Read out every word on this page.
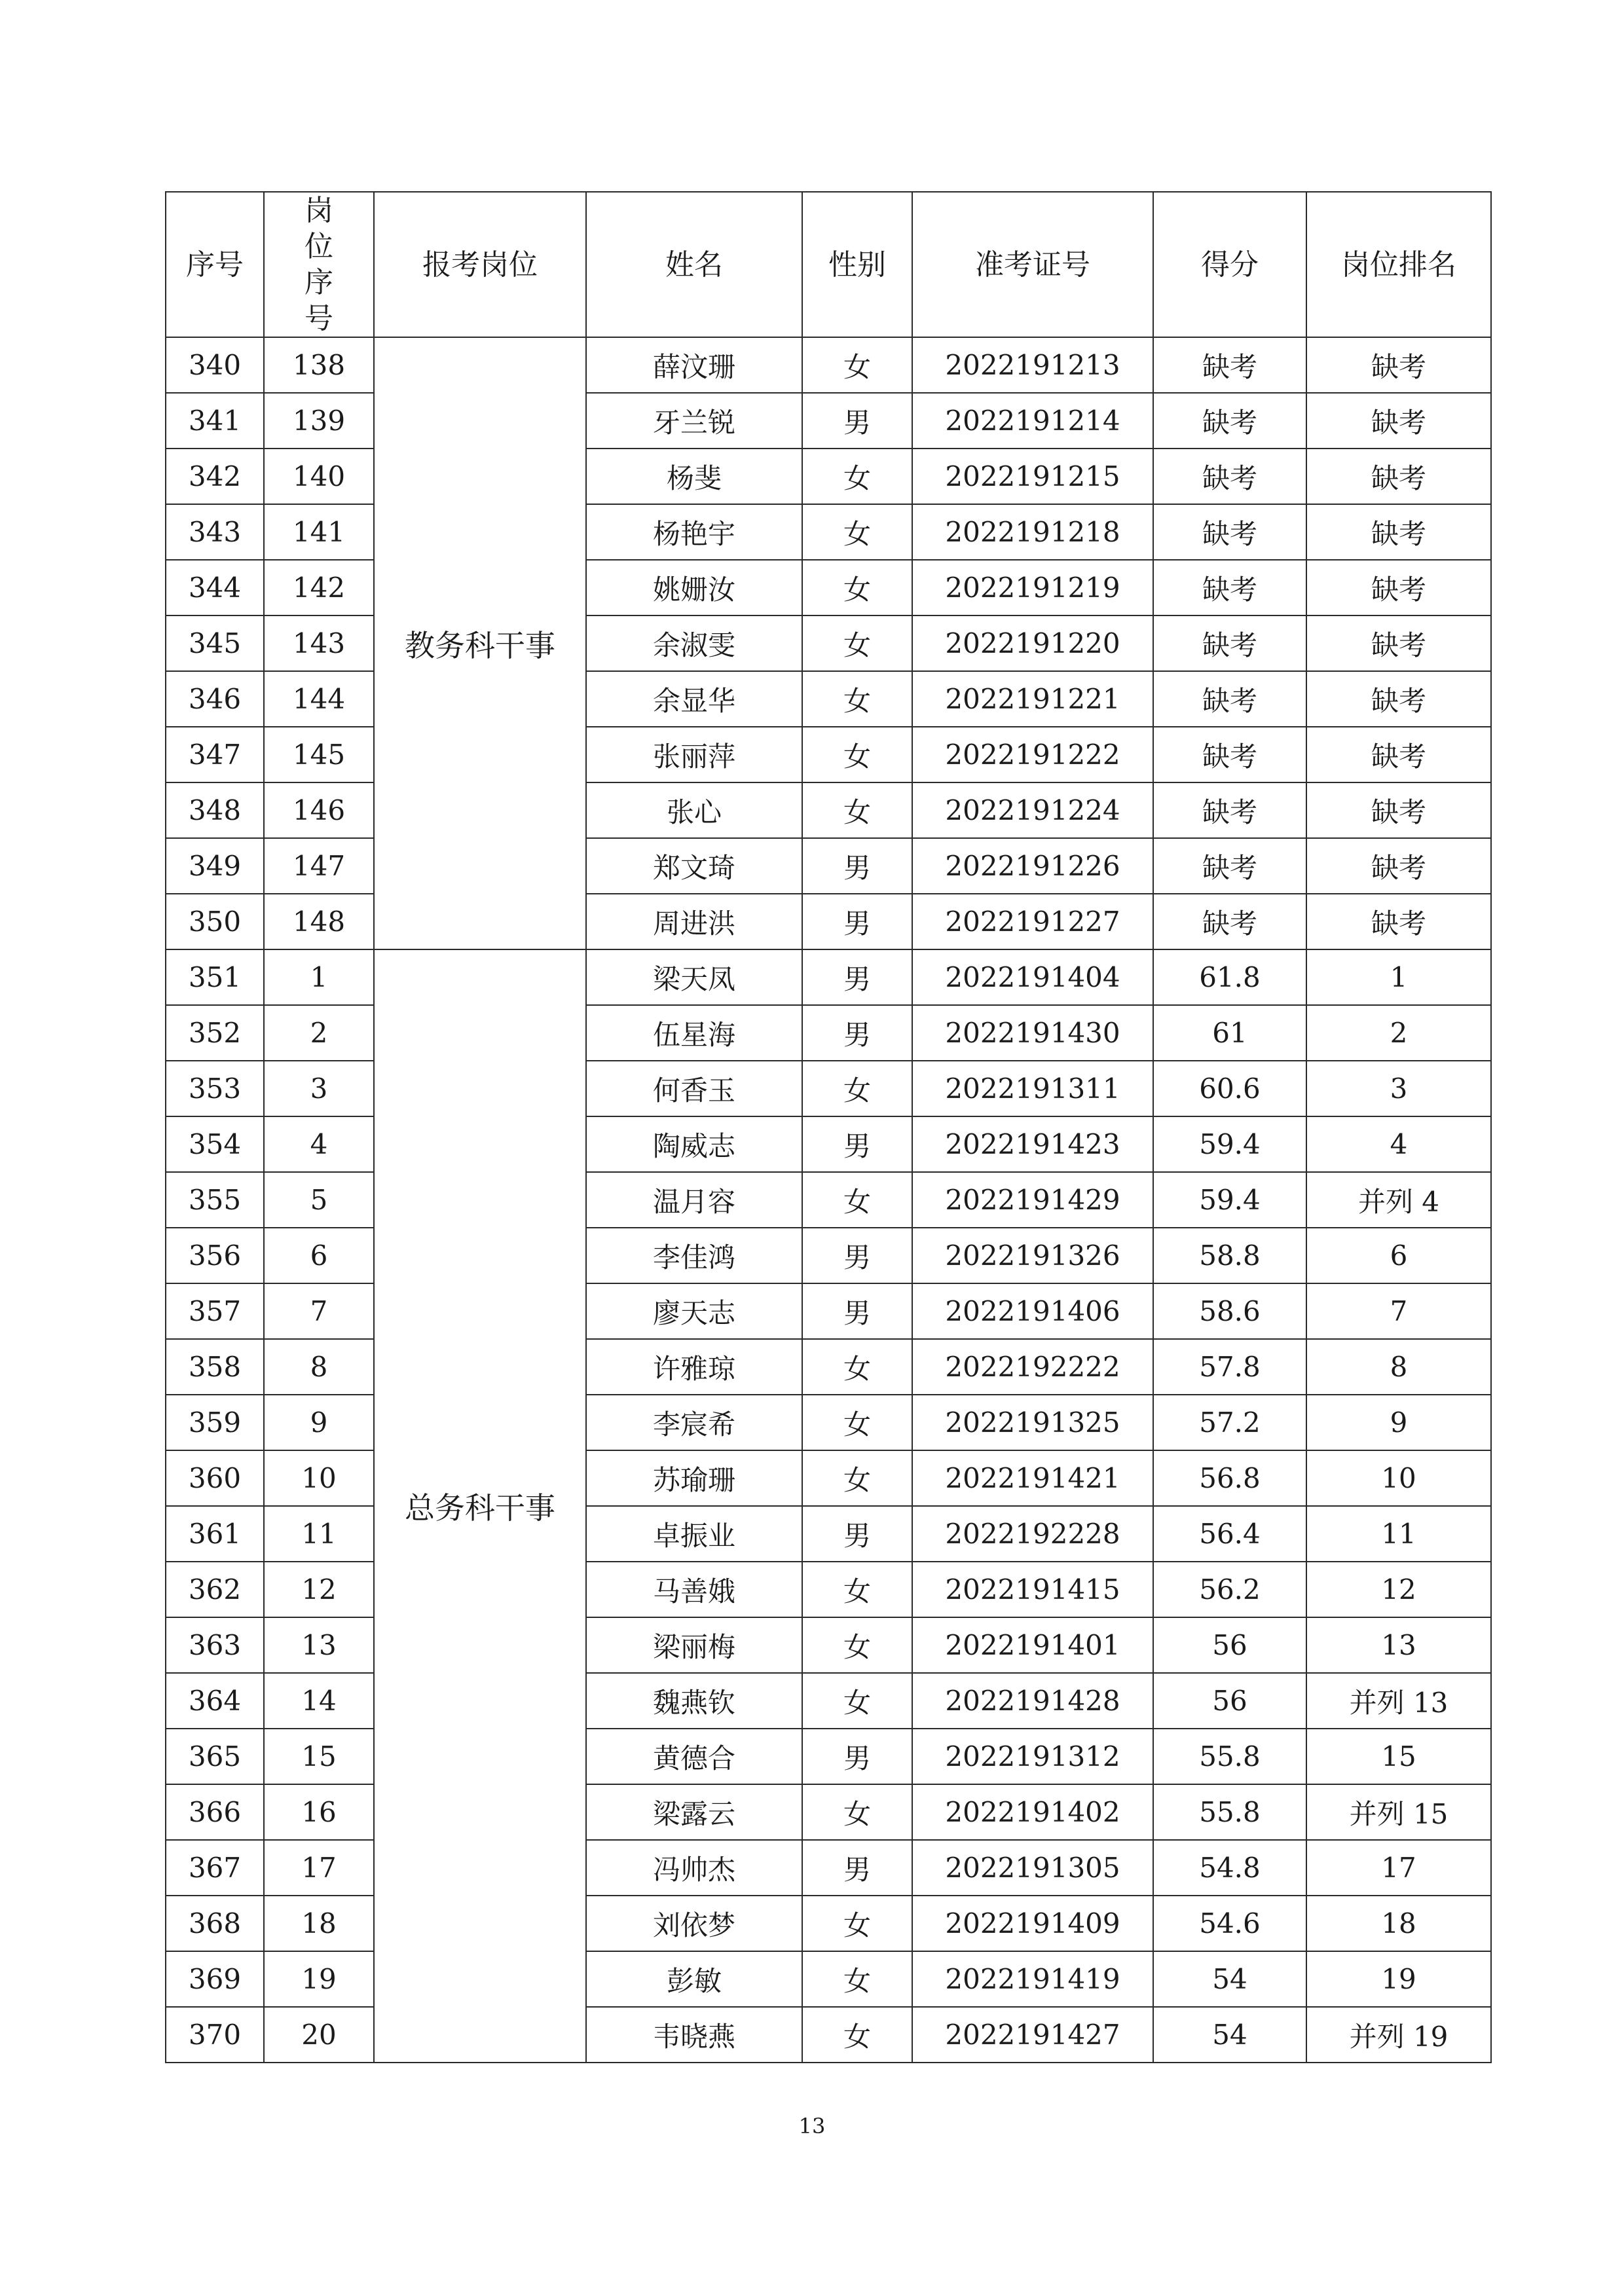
序号	岗位序号	报考岗位	姓名	性别	准考证号	得分	岗位排名
340	138	教务科干事	薛汶珊	女	2022191213	缺考	缺考
341	139		牙兰锐	男	2022191214	缺考	缺考
342	140		杨斐	女	2022191215	缺考	缺考
343	141		杨艳宇	女	2022191218	缺考	缺考
344	142		姚姗汝	女	2022191219	缺考	缺考
345	143		余淑雯	女	2022191220	缺考	缺考
346	144		余显华	女	2022191221	缺考	缺考
347	145		张丽萍	女	2022191222	缺考	缺考
348	146		张心	女	2022191224	缺考	缺考
349	147		郑文琦	男	2022191226	缺考	缺考
350	148		周进洪	男	2022191227	缺考	缺考
351	1	总务科干事	梁天凤	男	2022191404	61.8	1
352	2		伍星海	男	2022191430	61	2
353	3		何香玉	女	2022191311	60.6	3
354	4		陶威志	男	2022191423	59.4	4
355	5		温月容	女	2022191429	59.4	并列 4
356	6		李佳鸿	男	2022191326	58.8	6
357	7		廖天志	男	2022191406	58.6	7
358	8		许雅琼	女	2022192222	57.8	8
359	9		李宸希	女	2022191325	57.2	9
360	10		苏瑜珊	女	2022191421	56.8	10
361	11		卓振业	男	2022192228	56.4	11
362	12		马善娥	女	2022191415	56.2	12
363	13		梁丽梅	女	2022191401	56	13
364	14		魏燕钦	女	2022191428	56	并列 13
365	15		黄德合	男	2022191312	55.8	15
366	16		梁露云	女	2022191402	55.8	并列 15
367	17		冯帅杰	男	2022191305	54.8	17
368	18		刘依梦	女	2022191409	54.6	18
369	19		彭敏	女	2022191419	54	19
370	20		韦晓燕	女	2022191427	54	并列 19
13
